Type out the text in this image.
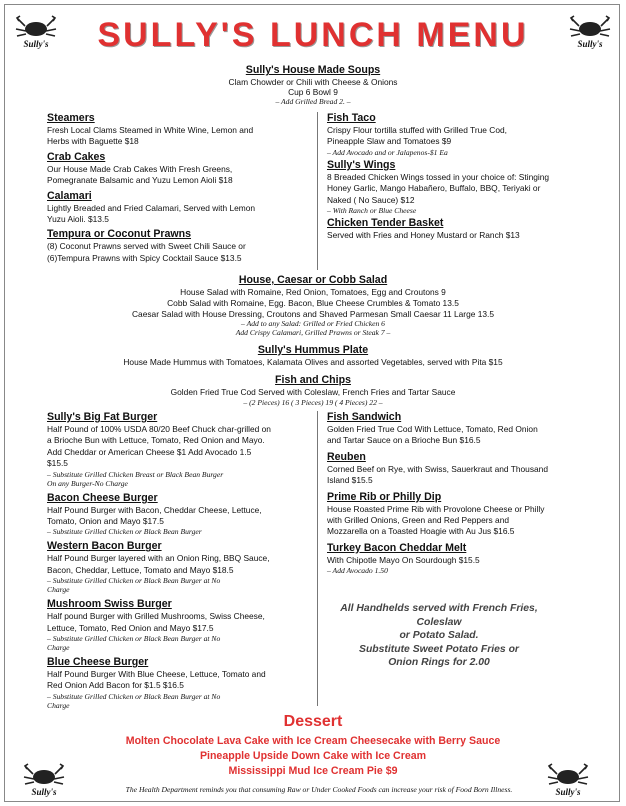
Sully's	Sully's
Sully's	Sully's
SULLY'S LUNCH MENU
Sully's House Made Soups
Clam Chowder or Chili with Cheese & Onions
Cup 6 Bowl 9
– Add Grilled Bread 2. –
Steamers
Fresh Local Clams Steamed in White Wine, Lemon and
Herbs with Baguette $18
Crab Cakes
Our House Made Crab Cakes With Fresh Greens,
Pomegranate Balsamic and Yuzu Lemon Aioli $18
Calamari
Lightly Breaded and Fried Calamari, Served with Lemon
Yuzu Aioli. $13.5
Tempura or Coconut Prawns
(8) Coconut Prawns served with Sweet Chili Sauce or
(6)Tempura Prawns with Spicy Cocktail Sauce $13.5
Fish Taco
Crispy Flour tortilla stuffed with Grilled True Cod,
Pineapple Slaw and Tomatoes $9
– Add Avocado and or Jalapenos-$1 Ea
Sully's Wings
8 Breaded Chicken Wings tossed in your choice of: Stinging
Honey Garlic, Mango Habañero, Buffalo, BBQ, Teriyaki or
Naked ( No Sauce) $12
– With Ranch or Blue Cheese
Chicken Tender Basket
Served with Fries and Honey Mustard or Ranch $13
House, Caesar or Cobb Salad
House Salad with Romaine, Red Onion, Tomatoes, Egg and Croutons 9
Cobb Salad with Romaine, Egg. Bacon, Blue Cheese Crumbles & Tomato 13.5
Caesar Salad with House Dressing, Croutons and Shaved Parmesan Small Caesar 11 Large 13.5
– Add to any Salad: Grilled or Fried Chicken 6
Add Crispy Calamari, Grilled Prawns or Steak 7 –
Sully's Hummus Plate
House Made Hummus with Tomatoes, Kalamata Olives and assorted Vegetables, served with Pita $15
Fish and Chips
Golden Fried True Cod Served with Coleslaw, French Fries and Tartar Sauce
– (2 Pieces) 16 ( 3 Pieces) 19 ( 4 Pieces) 22 –
Sully's Big Fat Burger
Half Pound of 100% USDA 80/20 Beef Chuck char-grilled on
a Brioche Bun with Lettuce, Tomato, Red Onion and Mayo.
Add Cheddar or American Cheese $1 Add Avocado 1.5
$15.5
– Substitute Grilled Chicken Breast or Black Bean Burger
On any Burger-No Charge
Bacon Cheese Burger
Half Pound Burger with Bacon, Cheddar Cheese, Lettuce,
Tomato, Onion and Mayo $17.5
– Substitute Grilled Chicken or Black Bean Burger
Western Bacon Burger
Half Pound Burger layered with an Onion Ring, BBQ Sauce,
Bacon, Cheddar, Lettuce, Tomato and Mayo $18.5
– Substitute Grilled Chicken or Black Bean Burger at No
Charge
Mushroom Swiss Burger
Half pound Burger with Grilled Mushrooms, Swiss Cheese,
Lettuce, Tomato, Red Onion and Mayo $17.5
– Substitute Grilled Chicken or Black Bean Burger at No
Charge
Blue Cheese Burger
Half Pound Burger With Blue Cheese, Lettuce, Tomato and
Red Onion Add Bacon for $1.5 $16.5
– Substitute Grilled Chicken or Black Bean Burger at No
Charge
Fish Sandwich
Golden Fried True Cod With Lettuce, Tomato, Red Onion
and Tartar Sauce on a Brioche Bun $16.5
Reuben
Corned Beef on Rye, with Swiss, Sauerkraut and Thousand
Island $15.5
Prime Rib or Philly Dip
House Roasted Prime Rib with Provolone Cheese or Philly
with Grilled Onions, Green and Red Peppers and
Mozzarella on a Toasted Hoagie with Au Jus $16.5
Turkey Bacon Cheddar Melt
With Chipotle Mayo On Sourdough $15.5
– Add Avocado 1.50
All Handhelds served with French Fries,
Coleslaw
or Potato Salad.
Substitute Sweet Potato Fries or
Onion Rings for 2.00
Dessert
Molten Chocolate Lava Cake with Ice Cream Cheesecake with Berry Sauce
Pineapple Upside Down Cake with Ice Cream
Mississippi Mud Ice Cream Pie $9
The Health Department reminds you that consuming Raw or Under Cooked Foods can increase your risk of Food Born Illness.
